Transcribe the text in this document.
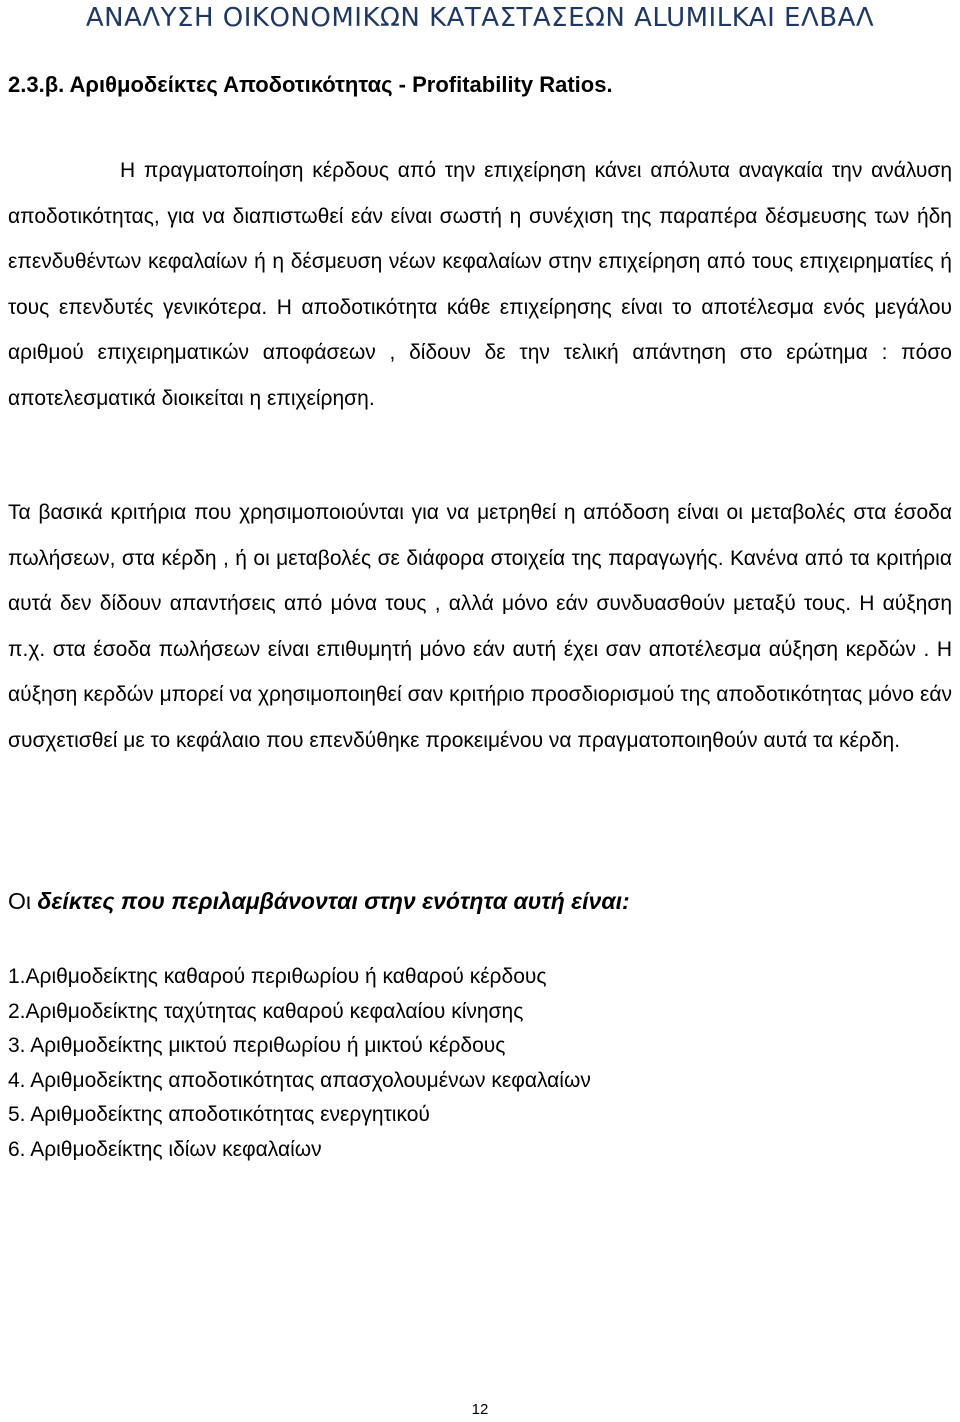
ΑΝΑΛΥΣΗ ΟΙΚΟΝΟΜΙΚΩΝ ΚΑΤΑΣΤΑΣΕΩΝ ALUMILKAI ΕΛΒΑΛ
2.3.β. Αριθμοδείκτες Αποδοτικότητας - Profitability Ratios.

Η πραγματοποίηση κέρδους από την επιχείρηση κάνει απόλυτα αναγκαία την ανάλυση αποδοτικότητας, για να διαπιστωθεί εάν είναι σωστή η συνέχιση της παραπέρα δέσμευσης των ήδη επενδυθέντων κεφαλαίων ή η δέσμευση νέων κεφαλαίων στην επιχείρηση από τους επιχειρηματίες ή τους επενδυτές γενικότερα. Η αποδοτικότητα κάθε επιχείρησης είναι το αποτέλεσμα ενός μεγάλου αριθμού επιχειρηματικών αποφάσεων , δίδουν δε την τελική απάντηση στο ερώτημα : πόσο αποτελεσματικά διοικείται η επιχείρηση.

Τα βασικά κριτήρια που χρησιμοποιούνται για να μετρηθεί η απόδοση είναι οι μεταβολές στα έσοδα πωλήσεων, στα κέρδη , ή οι μεταβολές σε διάφορα στοιχεία της παραγωγής. Κανένα από τα κριτήρια αυτά δεν δίδουν απαντήσεις από μόνα τους , αλλά μόνο εάν συνδυασθούν μεταξύ τους. Η αύξηση π.χ. στα έσοδα πωλήσεων είναι επιθυμητή μόνο εάν αυτή έχει σαν αποτέλεσμα αύξηση κερδών . Η αύξηση κερδών μπορεί να χρησιμοποιηθεί σαν κριτήριο προσδιορισμού της αποδοτικότητας μόνο εάν συσχετισθεί με το κεφάλαιο που επενδύθηκε προκειμένου να πραγματοποιηθούν αυτά τα κέρδη.

Οι δείκτες που περιλαμβάνονται στην ενότητα αυτή είναι:
1.Αριθμοδείκτης καθαρού περιθωρίου ή καθαρού κέρδους
2.Αριθμοδείκτης ταχύτητας καθαρού κεφαλαίου κίνησης
3. Αριθμοδείκτης μικτού περιθωρίου ή μικτού κέρδους
4. Αριθμοδείκτης αποδοτικότητας απασχολουμένων κεφαλαίων
5. Αριθμοδείκτης αποδοτικότητας ενεργητικού
6. Αριθμοδείκτης ιδίων κεφαλαίων
12
